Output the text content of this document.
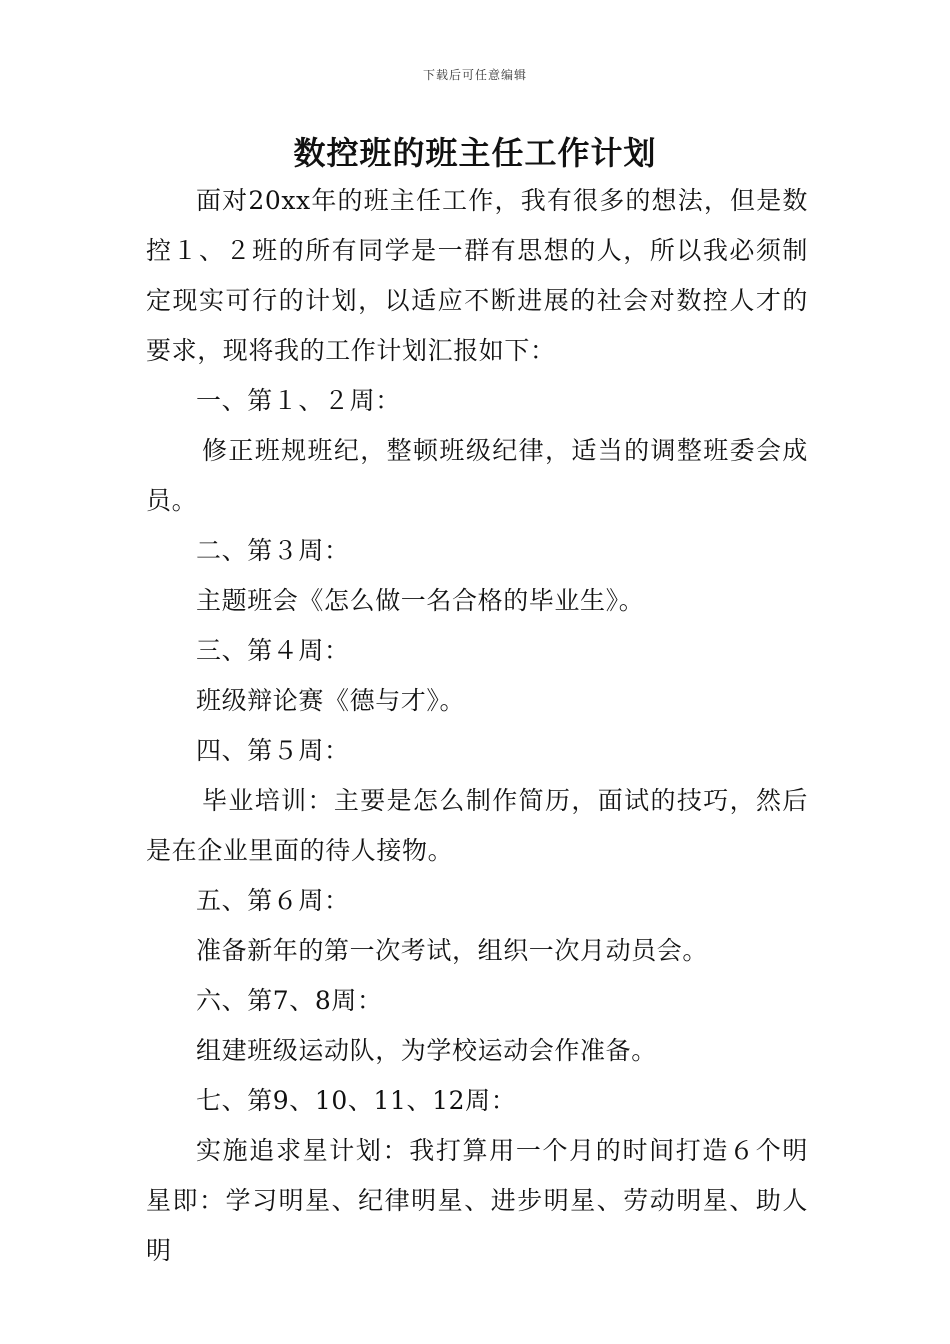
下载后可任意编辑
数控班的班主任工作计划

面对20xx年的班主任工作，我有很多的想法，但是数控１、２班的所有同学是一群有思想的人，所以我必须制定现实可行的计划，以适应不断进展的社会对数控人才的要求，现将我的工作计划汇报如下：

一、第１、２周：

修正班规班纪，整顿班级纪律，适当的调整班委会成员。

二、第３周：

主题班会《怎么做一名合格的毕业生》。

三、第４周：

班级辩论赛《德与才》。

四、第５周：

毕业培训：主要是怎么制作简历，面试的技巧，然后是在企业里面的待人接物。

五、第６周：

准备新年的第一次考试，组织一次月动员会。

六、第7、8周：

组建班级运动队，为学校运动会作准备。

七、第9、10、11、12周：

实施追求星计划：我打算用一个月的时间打造６个明星即：学习明星、纪律明星、进步明星、劳动明星、助人明
